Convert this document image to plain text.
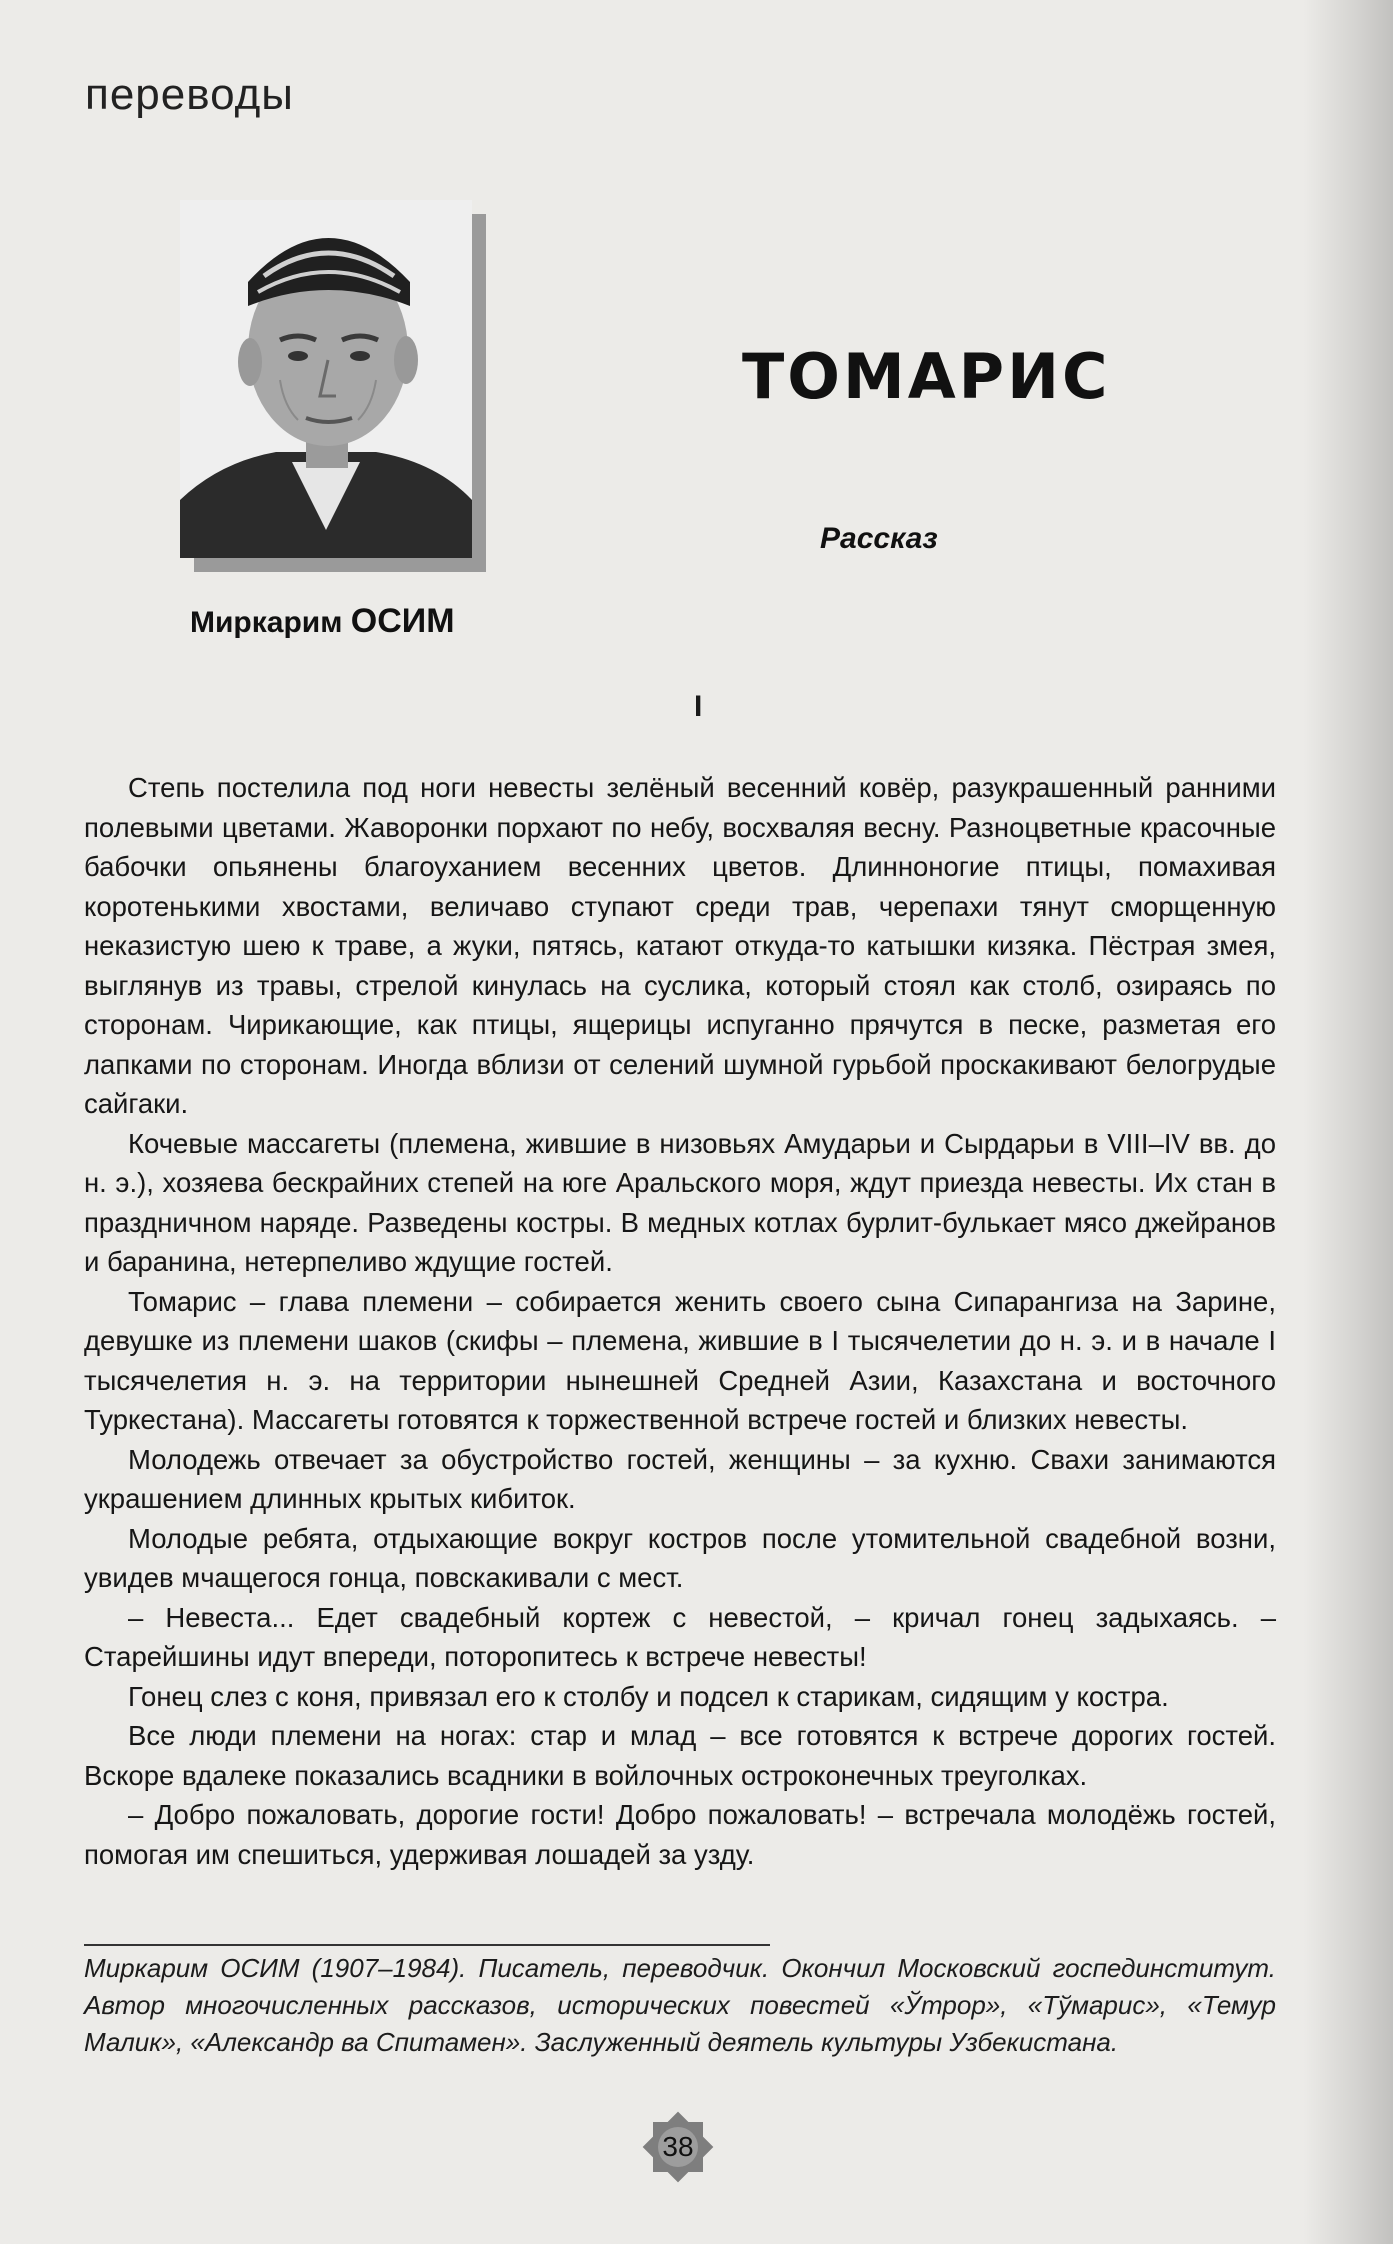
переводы
Миркарим ОСИМ
ТОМАРИС
Рассказ
I

Степь постелила под ноги невесты зелёный весенний ковёр, разукрашенный ранними полевыми цветами. Жаворонки порхают по небу, восхваляя весну. Разноцветные красочные бабочки опьянены благоуханием весенних цветов. Длинноногие птицы, помахивая коротенькими хвостами, величаво ступают среди трав, черепахи тянут сморщенную неказистую шею к траве, а жуки, пятясь, катают откуда-то катышки кизяка. Пёстрая змея, выглянув из травы, стрелой кинулась на суслика, который стоял как столб, озираясь по сторонам. Чирикающие, как птицы, ящерицы испуганно прячутся в песке, разметая его лапками по сторонам. Иногда вблизи от селений шумной гурьбой проскакивают белогрудые сайгаки.

Кочевые массагеты (племена, жившие в низовьях Амударьи и Сырдарьи в VIII–IV вв. до н. э.), хозяева бескрайних степей на юге Аральского моря, ждут приезда невесты. Их стан в праздничном наряде. Разведены костры. В медных котлах бурлит-булькает мясо джейранов и баранина, нетерпеливо ждущие гостей.

Томарис – глава племени – собирается женить своего сына Сипарангиза на Зарине, девушке из племени шаков (скифы – племена, жившие в I тысячелетии до н. э. и в начале I тысячелетия н. э. на территории нынешней Средней Азии, Казахстана и восточного Туркестана). Массагеты готовятся к торжественной встрече гостей и близких невесты.

Молодежь отвечает за обустройство гостей, женщины – за кухню. Свахи занимаются украшением длинных крытых кибиток.

Молодые ребята, отдыхающие вокруг костров после утомительной свадебной возни, увидев мчащегося гонца, повскакивали с мест.

– Невеста... Едет свадебный кортеж с невестой, – кричал гонец задыхаясь. – Старейшины идут впереди, поторопитесь к встрече невесты!

Гонец слез с коня, привязал его к столбу и подсел к старикам, сидящим у костра.

Все люди племени на ногах: стар и млад – все готовятся к встрече дорогих гостей. Вскоре вдалеке показались всадники в войлочных остроконечных треуголках.

– Добро пожаловать, дорогие гости! Добро пожаловать! – встречала молодёжь гостей, помогая им спешиться, удерживая лошадей за узду.

Миркарим ОСИМ (1907–1984). Писатель, переводчик. Окончил Московский госпединститут. Автор многочисленных рассказов, исторических повестей «Ўтрор», «Тўмарис», «Темур Малик», «Александр ва Спитамен». Заслуженный деятель культуры Узбекистана.
38
